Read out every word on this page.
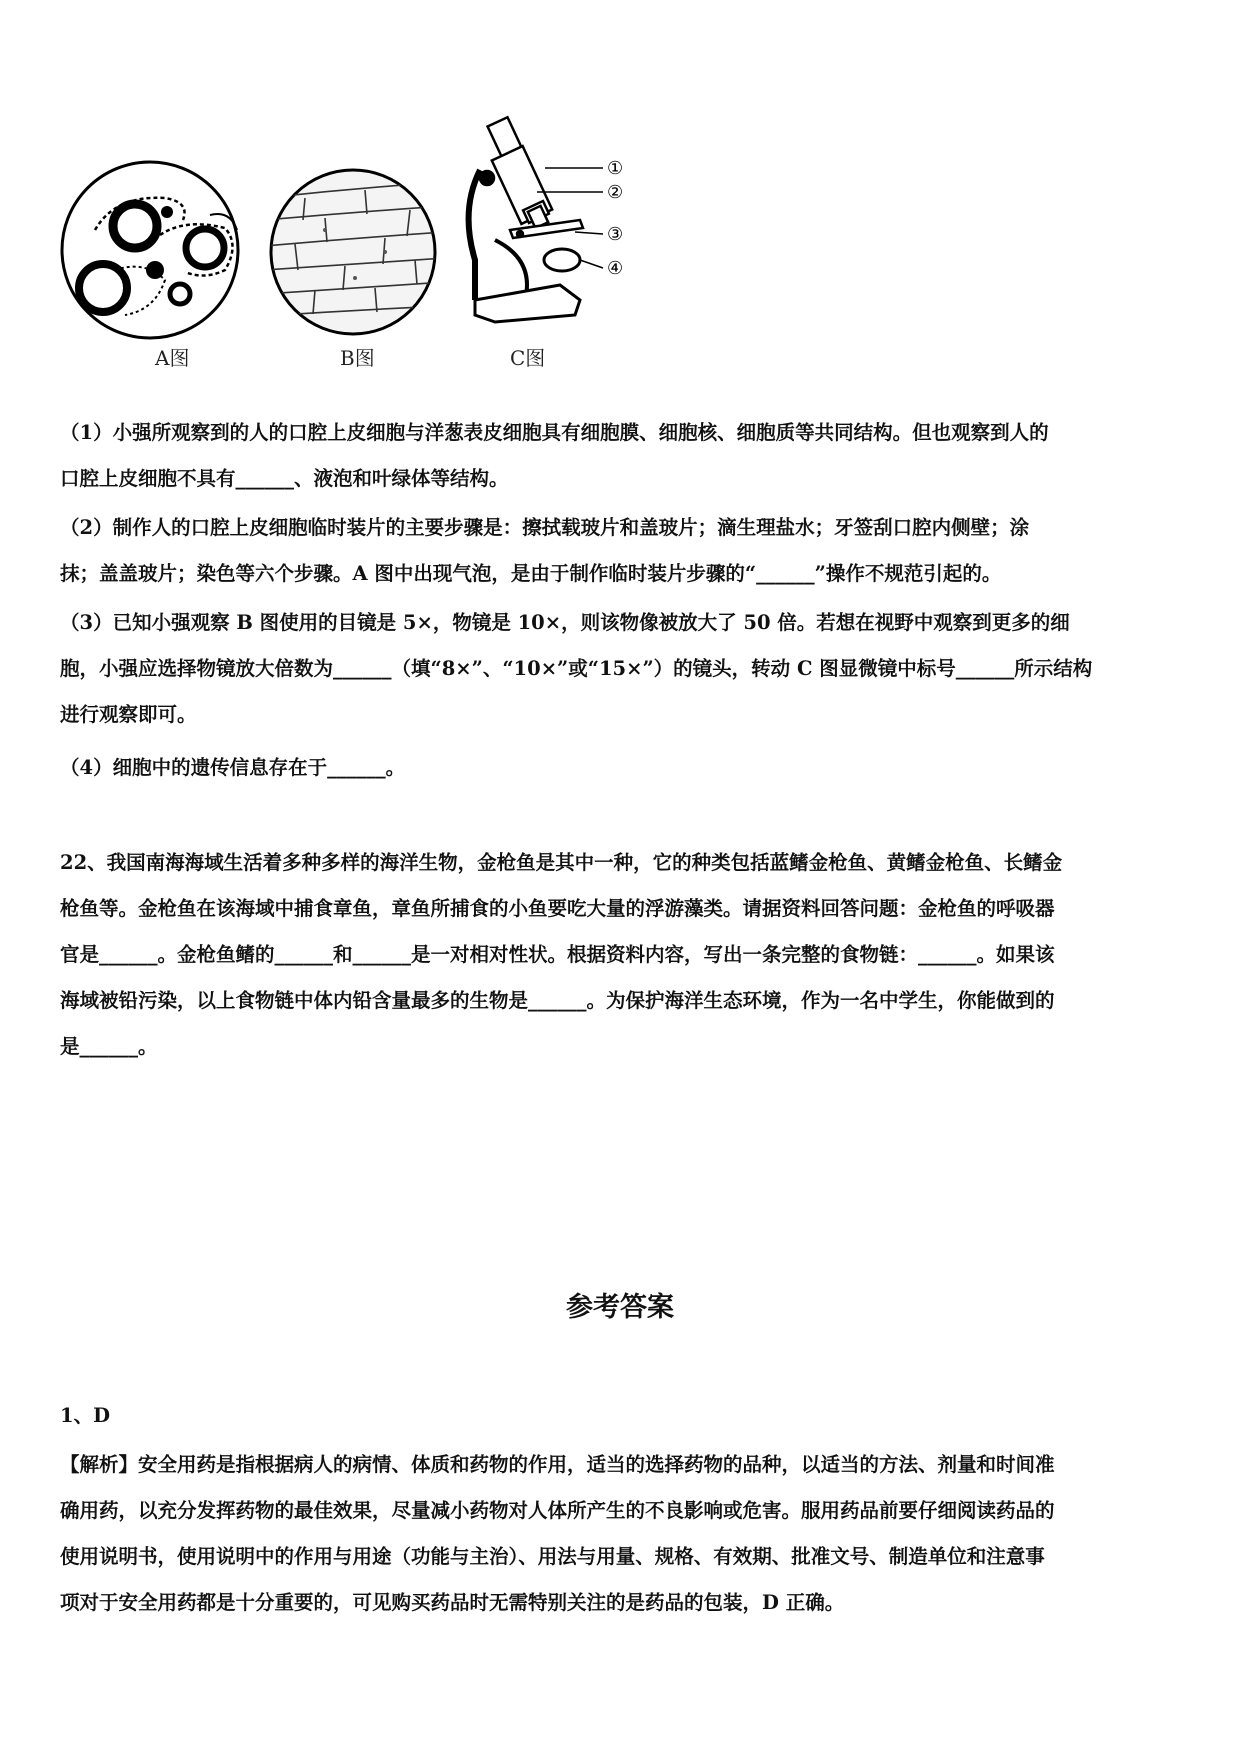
①
②
③
④
A图	B图	C图
（1）小强所观察到的人的口腔上皮细胞与洋葱表皮细胞具有细胞膜、细胞核、细胞质等共同结构。但也观察到人的
口腔上皮细胞不具有______、液泡和叶绿体等结构。
（2）制作人的口腔上皮细胞临时装片的主要步骤是：擦拭载玻片和盖玻片；滴生理盐水；牙签刮口腔内侧壁；涂
抹；盖盖玻片；染色等六个步骤。A 图中出现气泡，是由于制作临时装片步骤的“______”操作不规范引起的。
（3）已知小强观察 B 图使用的目镜是 5×，物镜是 10×，则该物像被放大了 50 倍。若想在视野中观察到更多的细
胞，小强应选择物镜放大倍数为______（填“8×”、“10×”或“15×”）的镜头，转动 C 图显微镜中标号______所示结构
进行观察即可。
（4）细胞中的遗传信息存在于______。
22、我国南海海域生活着多种多样的海洋生物，金枪鱼是其中一种，它的种类包括蓝鳍金枪鱼、黄鳍金枪鱼、长鳍金
枪鱼等。金枪鱼在该海域中捕食章鱼，章鱼所捕食的小鱼要吃大量的浮游藻类。请据资料回答问题：金枪鱼的呼吸器
官是______。金枪鱼鳍的______和______是一对相对性状。根据资料内容，写出一条完整的食物链：______。如果该
海域被铅污染，以上食物链中体内铅含量最多的生物是______。为保护海洋生态环境，作为一名中学生，你能做到的
是______。
参考答案
1、D
【解析】安全用药是指根据病人的病情、体质和药物的作用，适当的选择药物的品种，以适当的方法、剂量和时间准
确用药，以充分发挥药物的最佳效果，尽量减小药物对人体所产生的不良影响或危害。服用药品前要仔细阅读药品的
使用说明书，使用说明中的作用与用途（功能与主治）、用法与用量、规格、有效期、批准文号、制造单位和注意事
项对于安全用药都是十分重要的，可见购买药品时无需特别关注的是药品的包装，D 正确。
